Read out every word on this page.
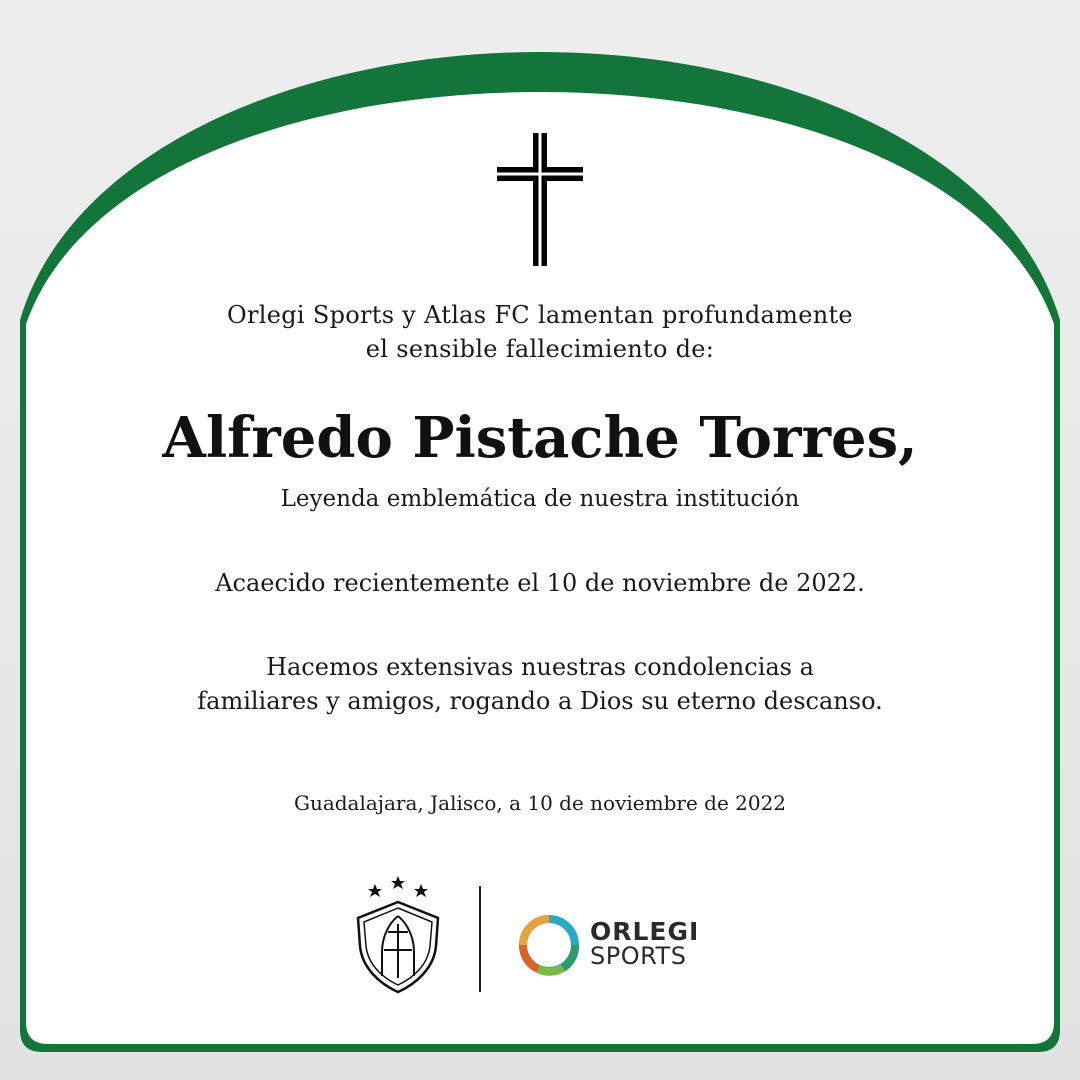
Orlegi Sports y Atlas FC lamentan profundamente
el sensible fallecimiento de:
Alfredo Pistache Torres,
Leyenda emblemática de nuestra institución
Acaecido recientemente el 10 de noviembre de 2022.
Hacemos extensivas nuestras condolencias a
familiares y amigos, rogando a Dios su eterno descanso.
Guadalajara, Jalisco, a 10 de noviembre de 2022
ORLEGI
SPORTS
